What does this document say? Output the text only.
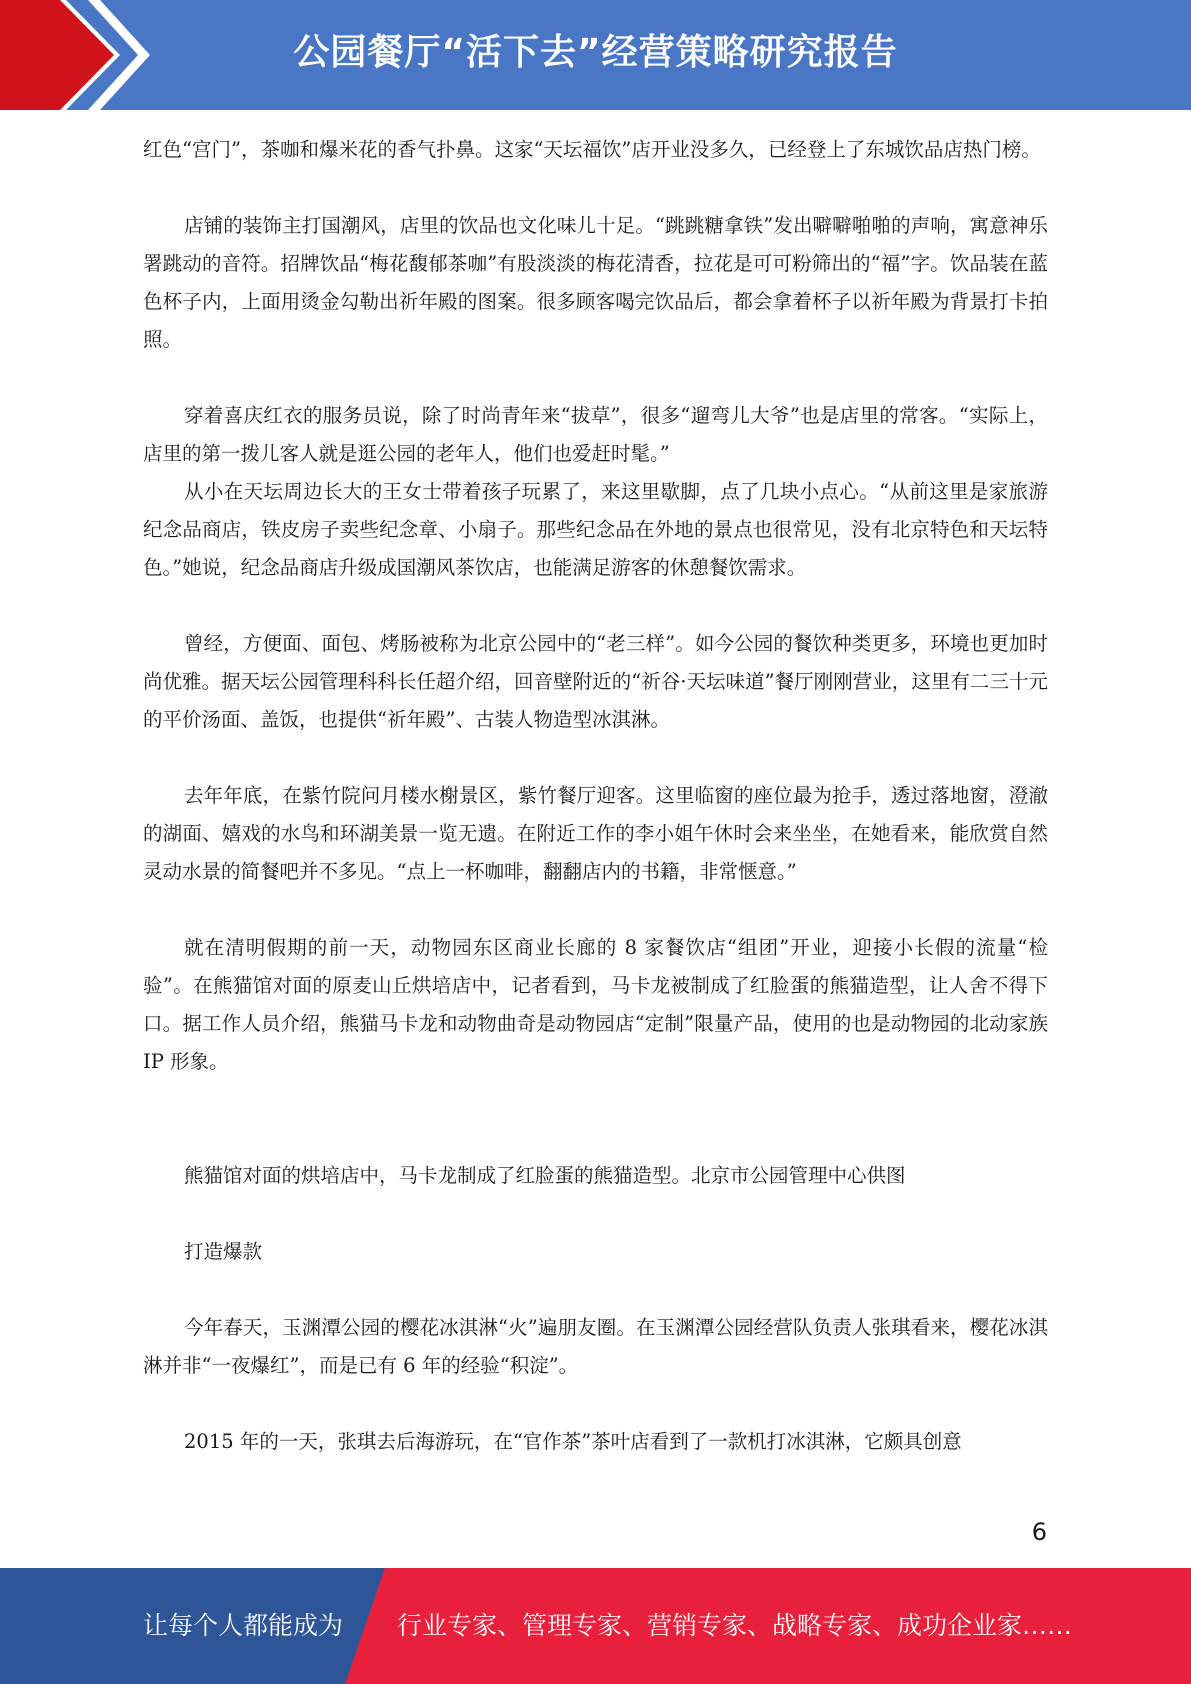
公园餐厅“活下去”经营策略研究报告

红色“宫门”，茶咖和爆米花的香气扑鼻。这家“天坛福饮”店开业没多久，已经登上了东城饮品店热门榜。

店铺的装饰主打国潮风，店里的饮品也文化味儿十足。“跳跳糖拿铁”发出噼噼啪啪的声响，寓意神乐署跳动的音符。招牌饮品“梅花馥郁茶咖”有股淡淡的梅花清香，拉花是可可粉筛出的“福”字。饮品装在蓝色杯子内，上面用烫金勾勒出祈年殿的图案。很多顾客喝完饮品后，都会拿着杯子以祈年殿为背景打卡拍照。

穿着喜庆红衣的服务员说，除了时尚青年来“拔草”，很多“遛弯儿大爷”也是店里的常客。“实际上，店里的第一拨儿客人就是逛公园的老年人，他们也爱赶时髦。”

从小在天坛周边长大的王女士带着孩子玩累了，来这里歇脚，点了几块小点心。“从前这里是家旅游纪念品商店，铁皮房子卖些纪念章、小扇子。那些纪念品在外地的景点也很常见，没有北京特色和天坛特色。”她说，纪念品商店升级成国潮风茶饮店，也能满足游客的休憩餐饮需求。

曾经，方便面、面包、烤肠被称为北京公园中的“老三样”。如今公园的餐饮种类更多，环境也更加时尚优雅。据天坛公园管理科科长任超介绍，回音壁附近的“祈谷·天坛味道”餐厅刚刚营业，这里有二三十元的平价汤面、盖饭，也提供“祈年殿”、古装人物造型冰淇淋。

去年年底，在紫竹院问月楼水榭景区，紫竹餐厅迎客。这里临窗的座位最为抢手，透过落地窗，澄澈的湖面、嬉戏的水鸟和环湖美景一览无遗。在附近工作的李小姐午休时会来坐坐，在她看来，能欣赏自然灵动水景的简餐吧并不多见。“点上一杯咖啡，翻翻店内的书籍，非常惬意。”

就在清明假期的前一天，动物园东区商业长廊的 8 家餐饮店“组团”开业，迎接小长假的流量“检验”。在熊猫馆对面的原麦山丘烘培店中，记者看到，马卡龙被制成了红脸蛋的熊猫造型，让人舍不得下口。据工作人员介绍，熊猫马卡龙和动物曲奇是动物园店“定制”限量产品，使用的也是动物园的北动家族 IP 形象。

熊猫馆对面的烘培店中，马卡龙制成了红脸蛋的熊猫造型。北京市公园管理中心供图

打造爆款

今年春天，玉渊潭公园的樱花冰淇淋“火”遍朋友圈。在玉渊潭公园经营队负责人张琪看来，樱花冰淇淋并非“一夜爆红”，而是已有 6 年的经验“积淀”。

2015 年的一天，张琪去后海游玩，在“官作茶”茶叶店看到了一款机打冰淇淋，它颇具创意

6
让每个人都能成为 行业专家、管理专家、营销专家、战略专家、成功企业家……
